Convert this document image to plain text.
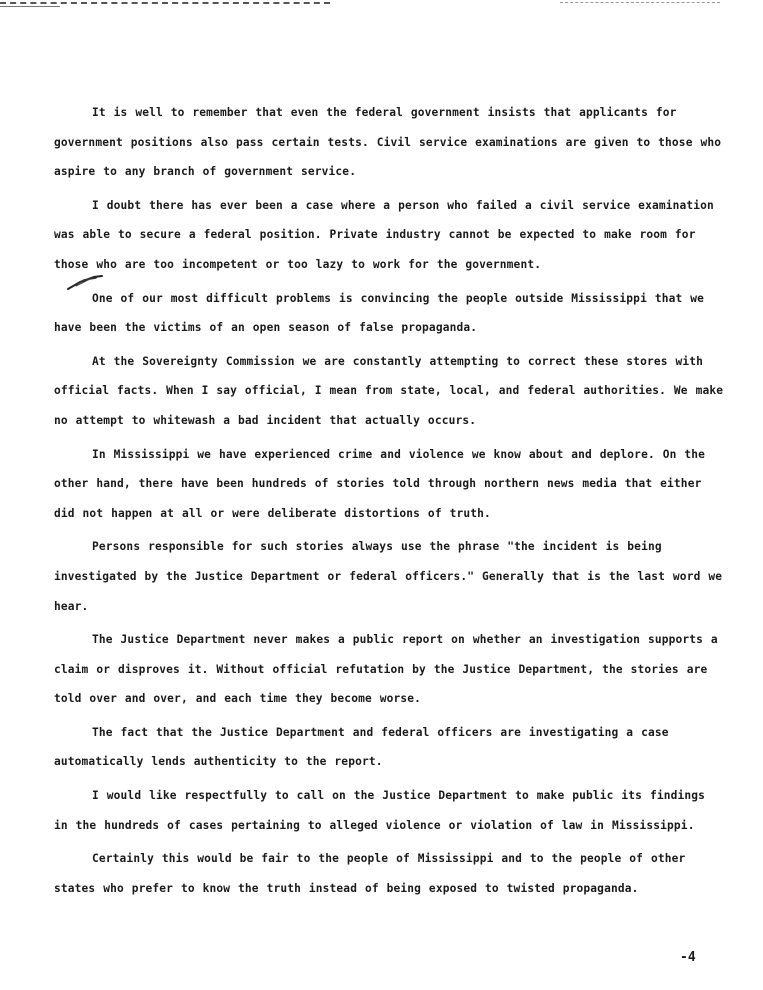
It is well to remember that even the federal government insists that applicants for government positions also pass certain tests. Civil service examinations are given to those who aspire to any branch of government service.

I doubt there has ever been a case where a person who failed a civil service examination was able to secure a federal position. Private industry cannot be expected to make room for those who are too incompetent or too lazy to work for the government.

One of our most difficult problems is convincing the people outside Mississippi that we have been the victims of an open season of false propaganda.

At the Sovereignty Commission we are constantly attempting to correct these stores with official facts. When I say official, I mean from state, local, and federal authorities. We make no attempt to whitewash a bad incident that actually occurs.

In Mississippi we have experienced crime and violence we know about and deplore. On the other hand, there have been hundreds of stories told through northern news media that either did not happen at all or were deliberate distortions of truth.

Persons responsible for such stories always use the phrase "the incident is being investigated by the Justice Department or federal officers." Generally that is the last word we hear.

The Justice Department never makes a public report on whether an investigation supports a claim or disproves it. Without official refutation by the Justice Department, the stories are told over and over, and each time they become worse.

The fact that the Justice Department and federal officers are investigating a case automatically lends authenticity to the report.

I would like respectfully to call on the Justice Department to make public its findings in the hundreds of cases pertaining to alleged violence or violation of law in Mississippi.

Certainly this would be fair to the people of Mississippi and to the people of other states who prefer to know the truth instead of being exposed to twisted propaganda.

-4
